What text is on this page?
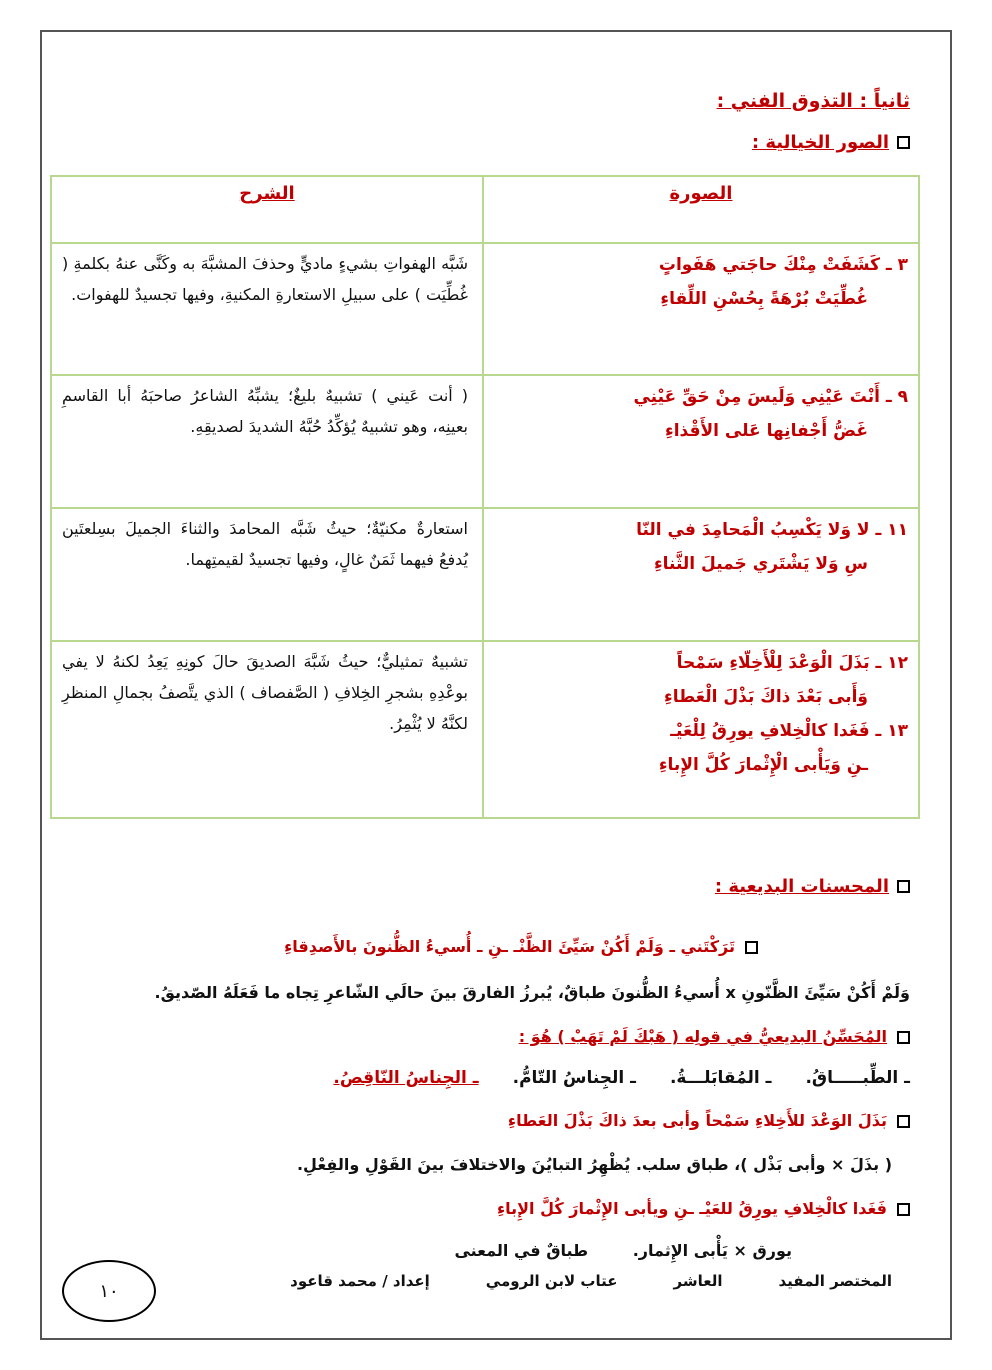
ثانياً : التذوق الفني :
الصور الخيالية :
الصورة	الشرح

٣ ـ كَشَفَتْ مِنْكَ حاجَتي هَفَواتٍ
غُطِّيَتْ بُرْهَةً بِحُسْنِ اللِّقاءِ	شَبَّه الهفواتِ بشيءٍ ماديٍّ وحذفَ المشبَّهَ به وكَنَّى عنهُ بكلمةِ ( غُطِّيَت ) على سبيلِ الاستعارةِ المكنيةِ، وفيها تجسيدٌ للهفوات.

٩ ـ أَنْتَ عَيْنِي وَلَيسَ مِنْ حَقِّ عَيْنِي
غَضُّ أَجْفانِها عَلى الأَقْذاءِ	( أنت عَيني ) تشبيهٌ بليغٌ؛ يشبِّهُ الشاعرُ صاحبَهُ أبا القاسمِ بعينِه، وهو تشبيهٌ يُؤكِّدُ حُبَّهُ الشديدَ لصديقِهِ.

١١ ـ لا وَلا يَكْسِبُ الْمَحامِدَ في النّا
سِ وَلا يَشْتَري جَميلَ الثَّناءِ	استعارةٌ مكنيّةٌ؛ حيثُ شَبَّه المحامدَ والثناءَ الجميلَ بسِلعتَين يُدفعُ فيهما ثَمَنٌ غالٍ، وفيها تجسيدٌ لقيمتِهما.

١٢ ـ بَذَلَ الْوَعْدَ لِلْأَخِلّاءِ سَمْحاً
وَأَبى بَعْدَ ذاكَ بَذْلَ الْعَطاءِ
١٣ ـ فَغَدا كالْخِلافِ يورِقُ لِلْعَيْـ
ـنِ وَيَأْبى الْإِثْمارَ كُلَّ الإِباءِ	تشبيهٌ تمثيليٌّ؛ حيثُ شَبَّهَ الصديقَ حالَ كونِهِ يَعِدُ لكنهُ لا يفي بوعْدِهِ بشجرِ الخِلافِ ( الصَّفصاف ) الذي يتَّصفُ بجمالِ المنظرِ لكنَّهُ لا يُثْمِرُ.
المحسنات البديعية :
تَرَكْتَني ـ وَلَمْ أَكُنْ سَيِّئَ الظَّنْـ ـنِ ـ أُسيءُ الظُّنونَ بالأَصدِقاءِ
وَلَمْ أَكُنْ سَيِّئَ الظَّنّونِ x أُسيءُ الظُّنونَ طباقٌ، يُبرزُ الفارقَ بينَ حالَي الشّاعرِ تِجاه ما فَعَلَهُ الصّديقُ.
المُحَسِّنُ البديعيُّ في قولِه ( هَبْكَ لَمْ تَهَبْ ) هُوَ :
ـ الطِّبـــــاقُ.
ـ المُقابَلـــةُ.
ـ الجِناسُ التّامُّ.
ـ الجِناسُ النّاقِصُ.
بَذَلَ الوَعْدَ للأَخِلاءِ سَمْحاً وأبى بعدَ ذاكَ بَذْلَ العَطاءِ
( بذَلَ × وأبى بَذْل )، طباق سلب. يُظْهِرُ التبايُنَ والاختلافَ بينَ القَوْلِ والفِعْلِ.
فَغَدا كالْخِلافِ يورِقُ للعَيْـ ـنِ ويأبى الإِثْمارَ كُلَّ الإِباءِ
يورق × يَأْبى الإِثمار.        طباقٌ في المعنى
المختصر المفيد
العاشر
عتاب لابن الرومي
إعداد / محمد قاعود
١٠
